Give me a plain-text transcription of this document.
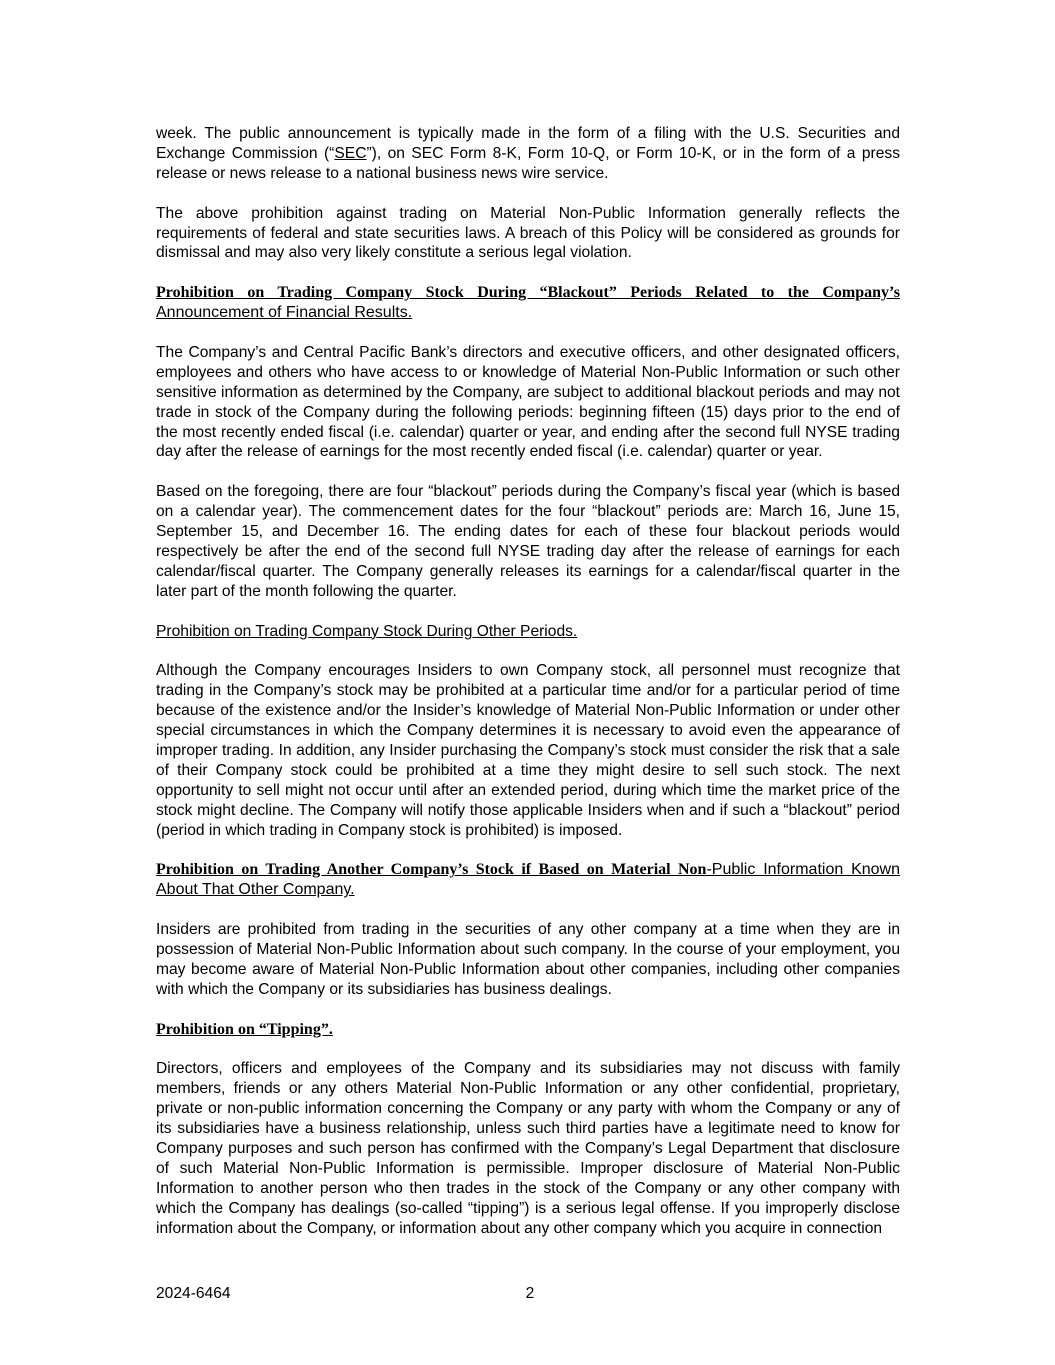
week. The public announcement is typically made in the form of a filing with the U.S. Securities and Exchange Commission (“SEC”), on SEC Form 8-K, Form 10-Q, or Form 10-K, or in the form of a press release or news release to a national business news wire service.

The above prohibition against trading on Material Non-Public Information generally reflects the requirements of federal and state securities laws. A breach of this Policy will be considered as grounds for dismissal and may also very likely constitute a serious legal violation.

Prohibition on Trading Company Stock During “Blackout” Periods Related to the Company’s Announcement of Financial Results.

The Company’s and Central Pacific Bank’s directors and executive officers, and other designated officers, employees and others who have access to or knowledge of Material Non-Public Information or such other sensitive information as determined by the Company, are subject to additional blackout periods and may not trade in stock of the Company during the following periods: beginning fifteen (15) days prior to the end of the most recently ended fiscal (i.e. calendar) quarter or year, and ending after the second full NYSE trading day after the release of earnings for the most recently ended fiscal (i.e. calendar) quarter or year.

Based on the foregoing, there are four “blackout” periods during the Company’s fiscal year (which is based on a calendar year). The commencement dates for the four “blackout” periods are: March 16, June 15, September 15, and December 16. The ending dates for each of these four blackout periods would respectively be after the end of the second full NYSE trading day after the release of earnings for each calendar/fiscal quarter. The Company generally releases its earnings for a calendar/fiscal quarter in the later part of the month following the quarter.

Prohibition on Trading Company Stock During Other Periods.

Although the Company encourages Insiders to own Company stock, all personnel must recognize that trading in the Company’s stock may be prohibited at a particular time and/or for a particular period of time because of the existence and/or the Insider’s knowledge of Material Non-Public Information or under other special circumstances in which the Company determines it is necessary to avoid even the appearance of improper trading. In addition, any Insider purchasing the Company’s stock must consider the risk that a sale of their Company stock could be prohibited at a time they might desire to sell such stock. The next opportunity to sell might not occur until after an extended period, during which time the market price of the stock might decline. The Company will notify those applicable Insiders when and if such a “blackout” period (period in which trading in Company stock is prohibited) is imposed.

Prohibition on Trading Another Company’s Stock if Based on Material Non-Public Information Known About That Other Company.

Insiders are prohibited from trading in the securities of any other company at a time when they are in possession of Material Non-Public Information about such company. In the course of your employment, you may become aware of Material Non-Public Information about other companies, including other companies with which the Company or its subsidiaries has business dealings.

Prohibition on “Tipping”.

Directors, officers and employees of the Company and its subsidiaries may not discuss with family members, friends or any others Material Non-Public Information or any other confidential, proprietary, private or non-public information concerning the Company or any party with whom the Company or any of its subsidiaries have a business relationship, unless such third parties have a legitimate need to know for Company purposes and such person has confirmed with the Company’s Legal Department that disclosure of such Material Non-Public Information is permissible. Improper disclosure of Material Non-Public Information to another person who then trades in the stock of the Company or any other company with which the Company has dealings (so-called “tipping”) is a serious legal offense. If you improperly disclose information about the Company, or information about any other company which you acquire in connection

2024-6464	2
